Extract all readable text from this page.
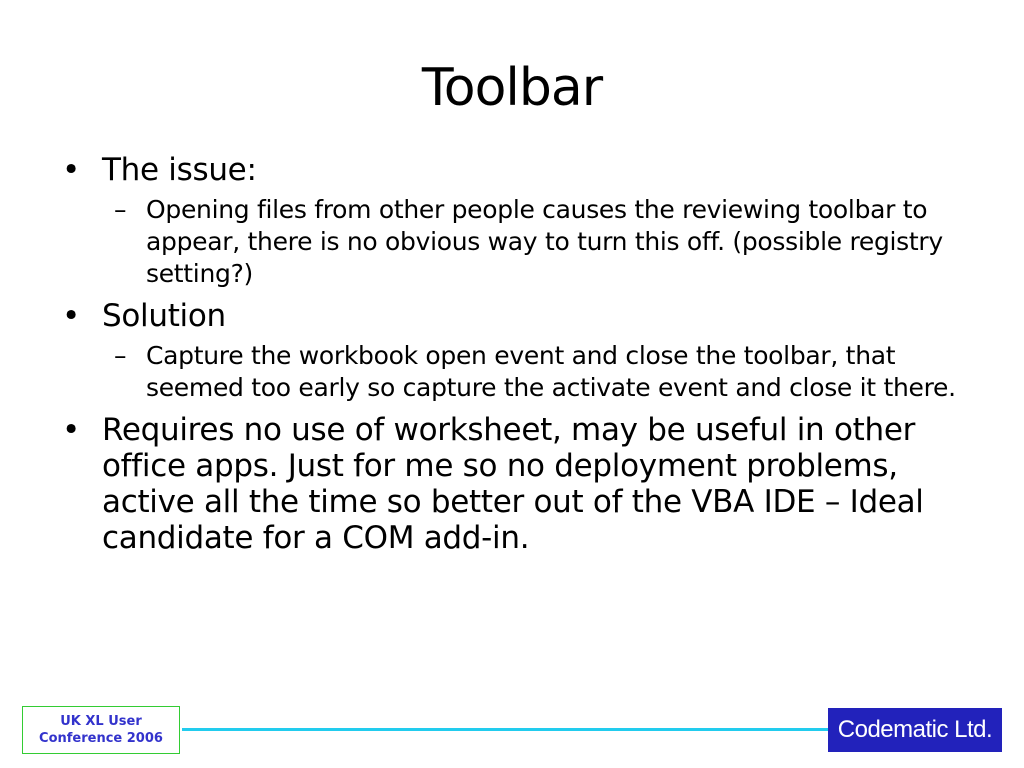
Toolbar
• The issue:
– Opening files from other people causes the reviewing toolbar to appear, there is no obvious way to turn this off. (possible registry setting?)
• Solution
– Capture the workbook open event and close the toolbar, that seemed too early so capture the activate event and close it there.
• Requires no use of worksheet, may be useful in other office apps. Just for me so no deployment problems, active all the time so better out of the VBA IDE – Ideal candidate for a COM add-in.
UK XL User
Conference 2006	Codematic Ltd.
